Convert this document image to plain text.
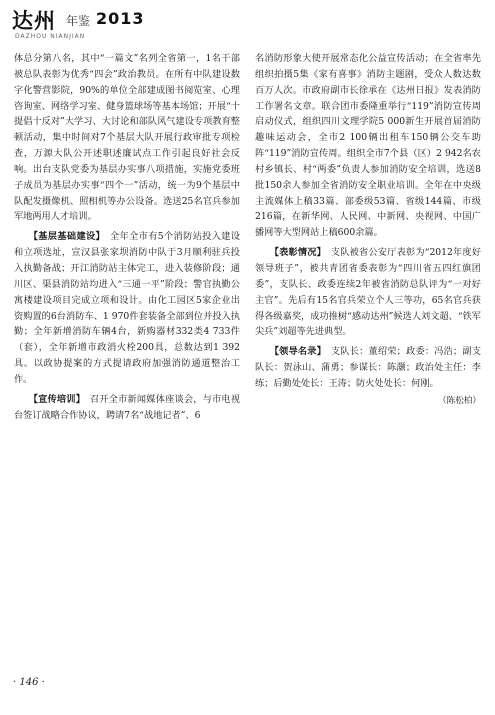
达州 年鉴 2013
DAZHOU NIANJIAN

体总分第八名，其中“一篇文”名列全省第一，1名干部被总队表彰为优秀“四会”政治教员。在所有中队建设数字化警营影院，90%的单位全部建成图书阅览室、心理咨询室、网络学习室、健身篮球场等基本场馆；开展“十提倡十反对”大学习、大讨论和部队风气建设专项教育整顿活动，集中时间对7个基层大队开展行政审批专项检查，万源大队公开述职述廉试点工作引起良好社会反响。出台支队党委为基层办实事八项措施，实施党委班子成员为基层办实事“四个一”活动，统一为9个基层中队配发摄像机、照相机等办公设备。选送25名官兵参加军地两用人才培训。

【基层基础建设】　 全年全市有5个消防站投入建设和立项选址，宣汉县张家坝消防中队于3月顺利驻兵投入执勤备战；开江消防站主体完工，进入装修阶段；通川区、渠县消防站均进入“三通一平”阶段；警官执勤公寓楼建设项目完成立项和设计。由化工园区5家企业出资购置的6台消防车、1 970件套装备全部到位并投入执勤；全年新增消防车辆4台，新购器材332类4 733件（套），全年新增市政消火栓200具，总数达到1 392具。以政协提案的方式提请政府加强消防通道整治工作。

【宣传培训】　 召开全市新闻媒体座谈会，与市电视台签订战略合作协议，聘请7名“战地记者”、6

名消防形象大使开展常态化公益宣传活动；在全省率先组织拍摄5集《家有喜事》消防主题剧，受众人数达数百万人次。市政府副市长徐承在《达州日报》发表消防工作署名文章。联合团市委隆重举行“119”消防宣传周启动仪式，组织四川文理学院5 000新生开展首届消防趣味运动会，全市2 100辆出租车150辆公交车助阵“119”消防宣传周。组织全市7个县（区）2 942名农村乡镇长、村“两委”负责人参加消防安全培训，选送8批150余人参加全省消防安全职业培训。全年在中央级主流媒体上稿33篇、部委级53篇、省级144篇、市级216篇，在新华网、人民网、中新网、央视网、中国广播网等大型网站上稿600余篇。

【表彰情况】　 支队被省公安厅表彰为“2012年度好领导班子”，被共青团省委表彰为“四川省五四红旗团委”，支队长、政委连续2年被省消防总队评为“一对好主官”。先后有15名官兵荣立个人三等功，65名官兵获得各级嘉奖，成功推树“感动达州”候选人刘文超、“铁军尖兵”刘超等先进典型。

【领导名录】　 支队长：董绍荣；政委：冯浩；副支队长：贺泳山、蒲勇；参谋长：陈灏；政治处主任：李练；后勤处处长：王涛；防火处处长：何刚。

（陈松柏）

· 146 ·
